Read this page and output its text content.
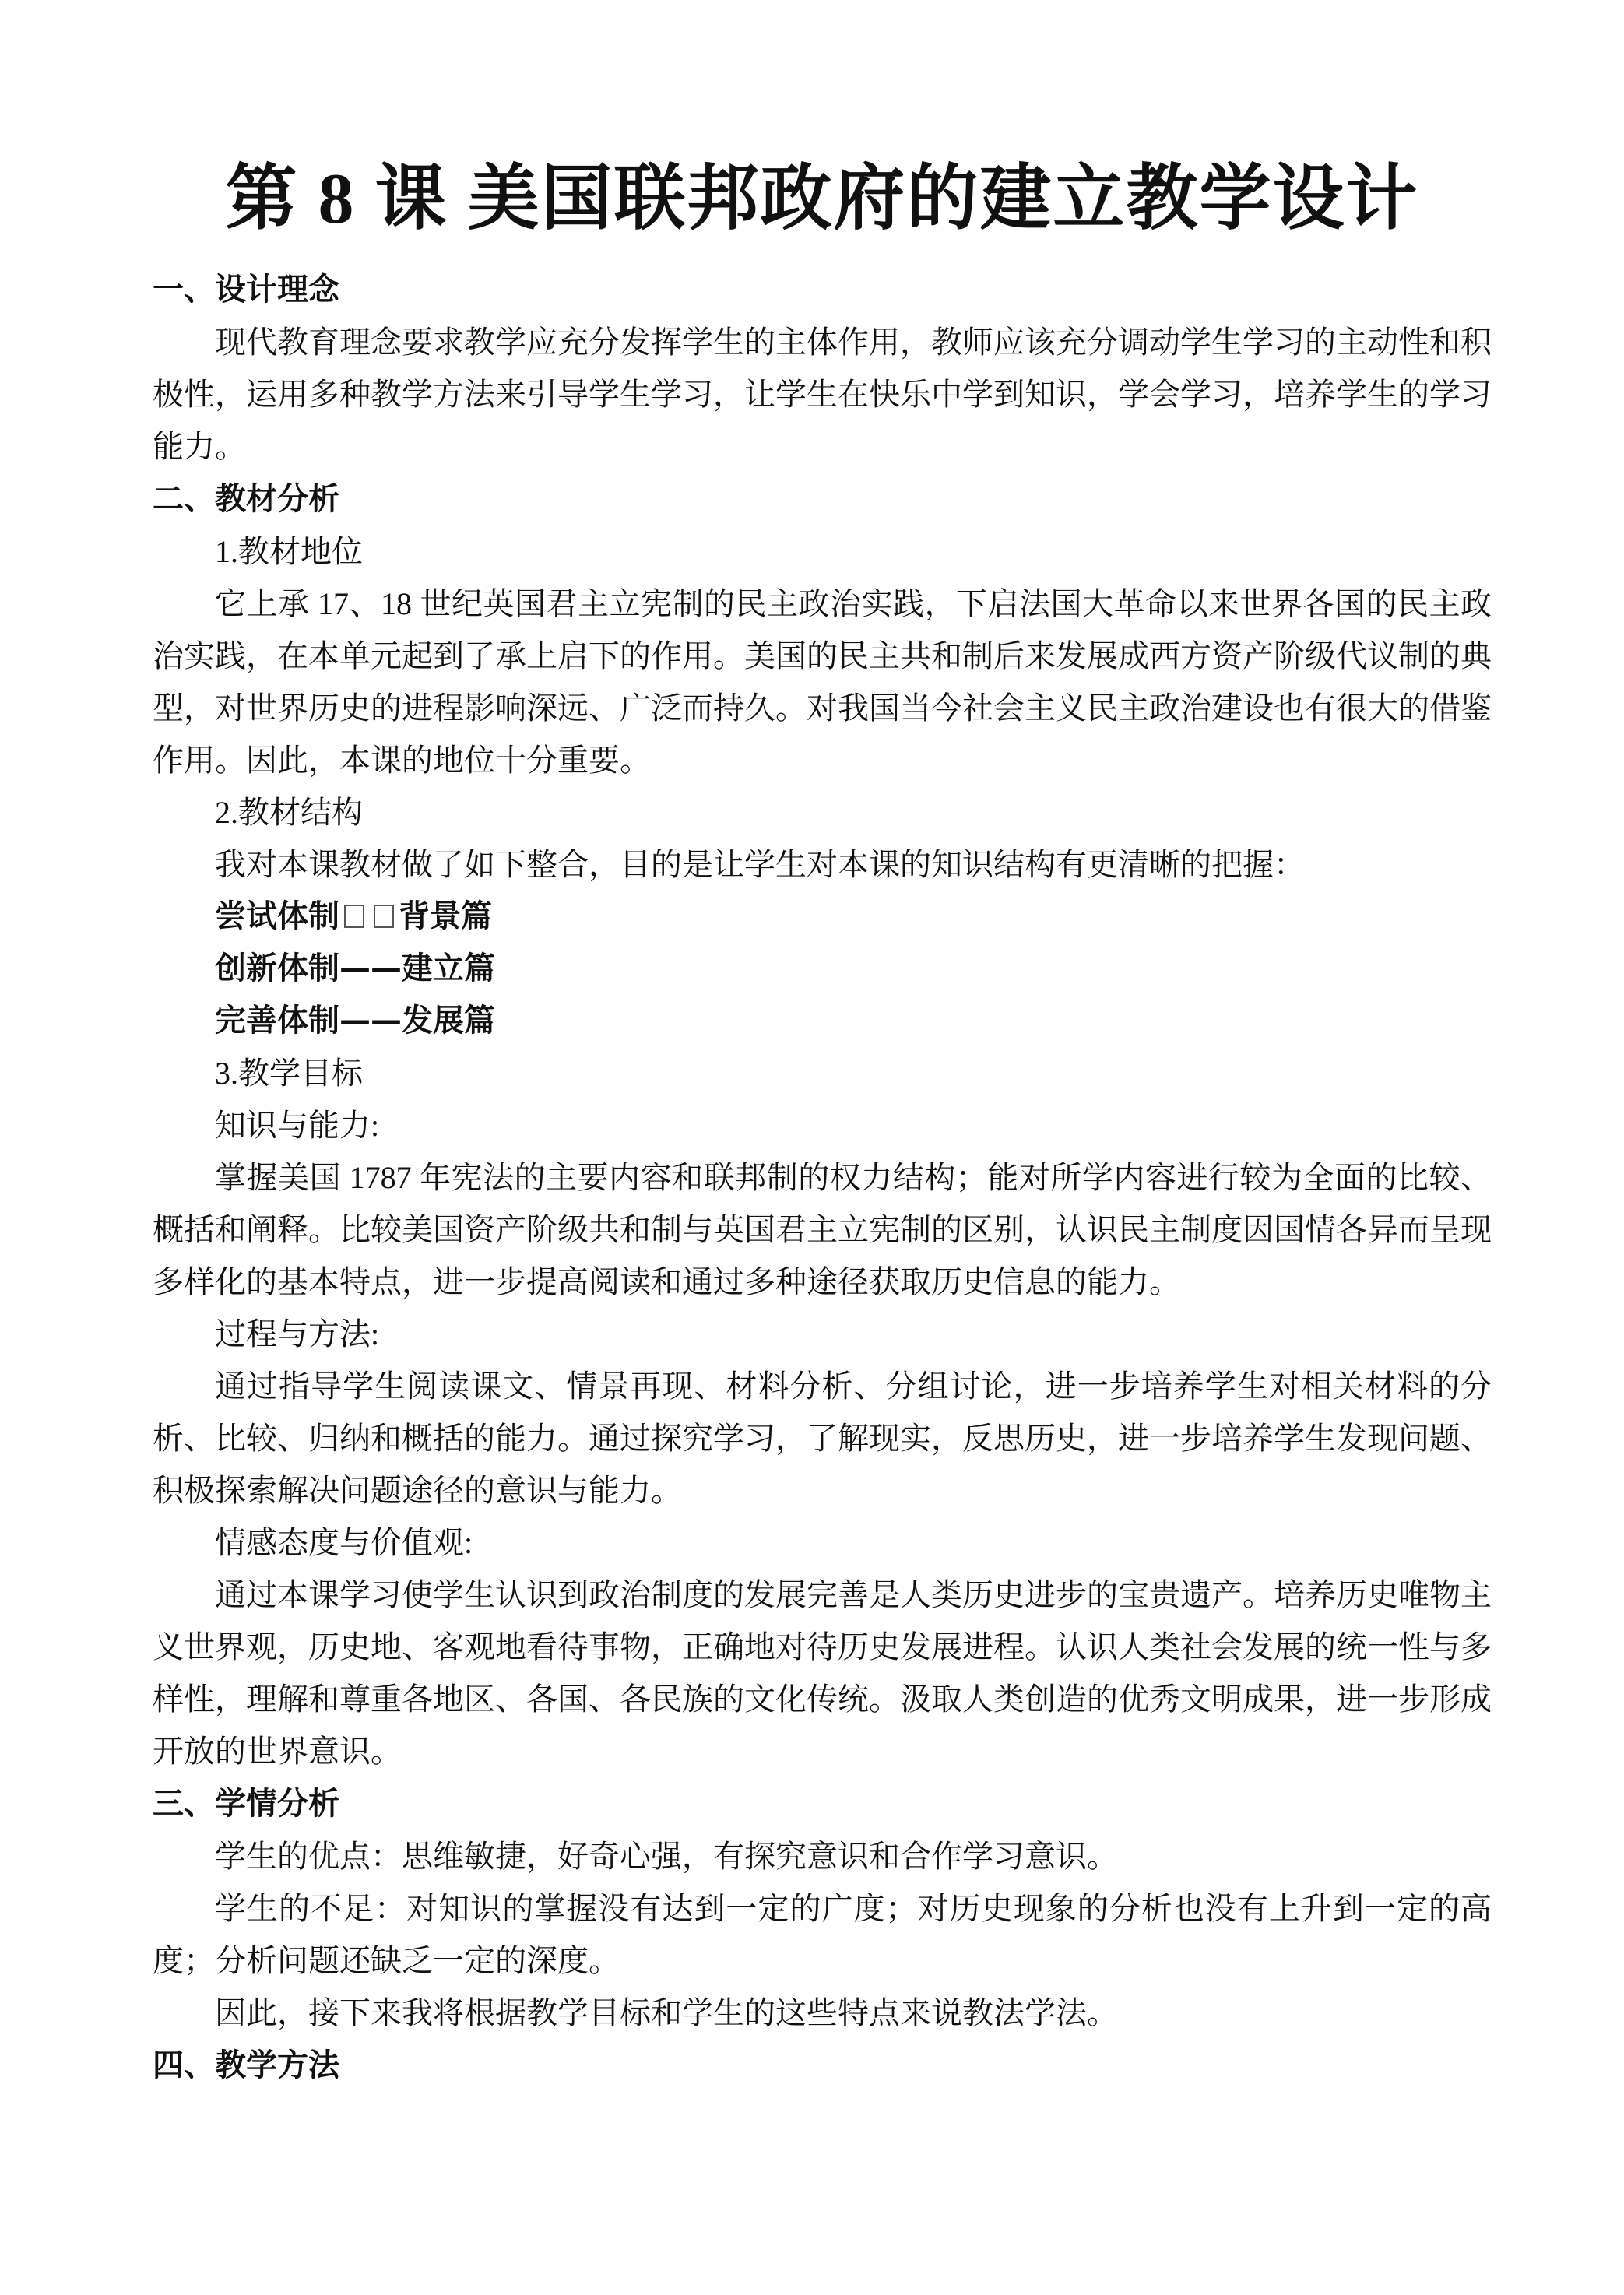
第 8 课 美国联邦政府的建立教学设计
一、设计理念

现代教育理念要求教学应充分发挥学生的主体作用，教师应该充分调动学生学习的主动性和积极性，运用多种教学方法来引导学生学习，让学生在快乐中学到知识，学会学习，培养学生的学习能力。

二、教材分析

1.教材地位

它上承 17、18 世纪英国君主立宪制的民主政治实践，下启法国大革命以来世界各国的民主政治实践，在本单元起到了承上启下的作用。美国的民主共和制后来发展成西方资产阶级代议制的典型，对世界历史的进程影响深远、广泛而持久。对我国当今社会主义民主政治建设也有很大的借鉴作用。因此，本课的地位十分重要。

2.教材结构

我对本课教材做了如下整合，目的是让学生对本课的知识结构有更清晰的把握：

尝试体制 背景篇

创新体制——建立篇

完善体制——发展篇

3.教学目标

知识与能力:

掌握美国 1787 年宪法的主要内容和联邦制的权力结构；能对所学内容进行较为全面的比较、概括和阐释。比较美国资产阶级共和制与英国君主立宪制的区别，认识民主制度因国情各异而呈现多样化的基本特点，进一步提高阅读和通过多种途径获取历史信息的能力。

过程与方法:

通过指导学生阅读课文、情景再现、材料分析、分组讨论，进一步培养学生对相关材料的分析、比较、归纳和概括的能力。通过探究学习，了解现实，反思历史，进一步培养学生发现问题、积极探索解决问题途径的意识与能力。

情感态度与价值观:

通过本课学习使学生认识到政治制度的发展完善是人类历史进步的宝贵遗产。培养历史唯物主义世界观，历史地、客观地看待事物，正确地对待历史发展进程。认识人类社会发展的统一性与多样性，理解和尊重各地区、各国、各民族的文化传统。汲取人类创造的优秀文明成果，进一步形成开放的世界意识。

三、学情分析

学生的优点：思维敏捷，好奇心强，有探究意识和合作学习意识。

学生的不足：对知识的掌握没有达到一定的广度；对历史现象的分析也没有上升到一定的高度；分析问题还缺乏一定的深度。

因此，接下来我将根据教学目标和学生的这些特点来说教法学法。

四、教学方法
